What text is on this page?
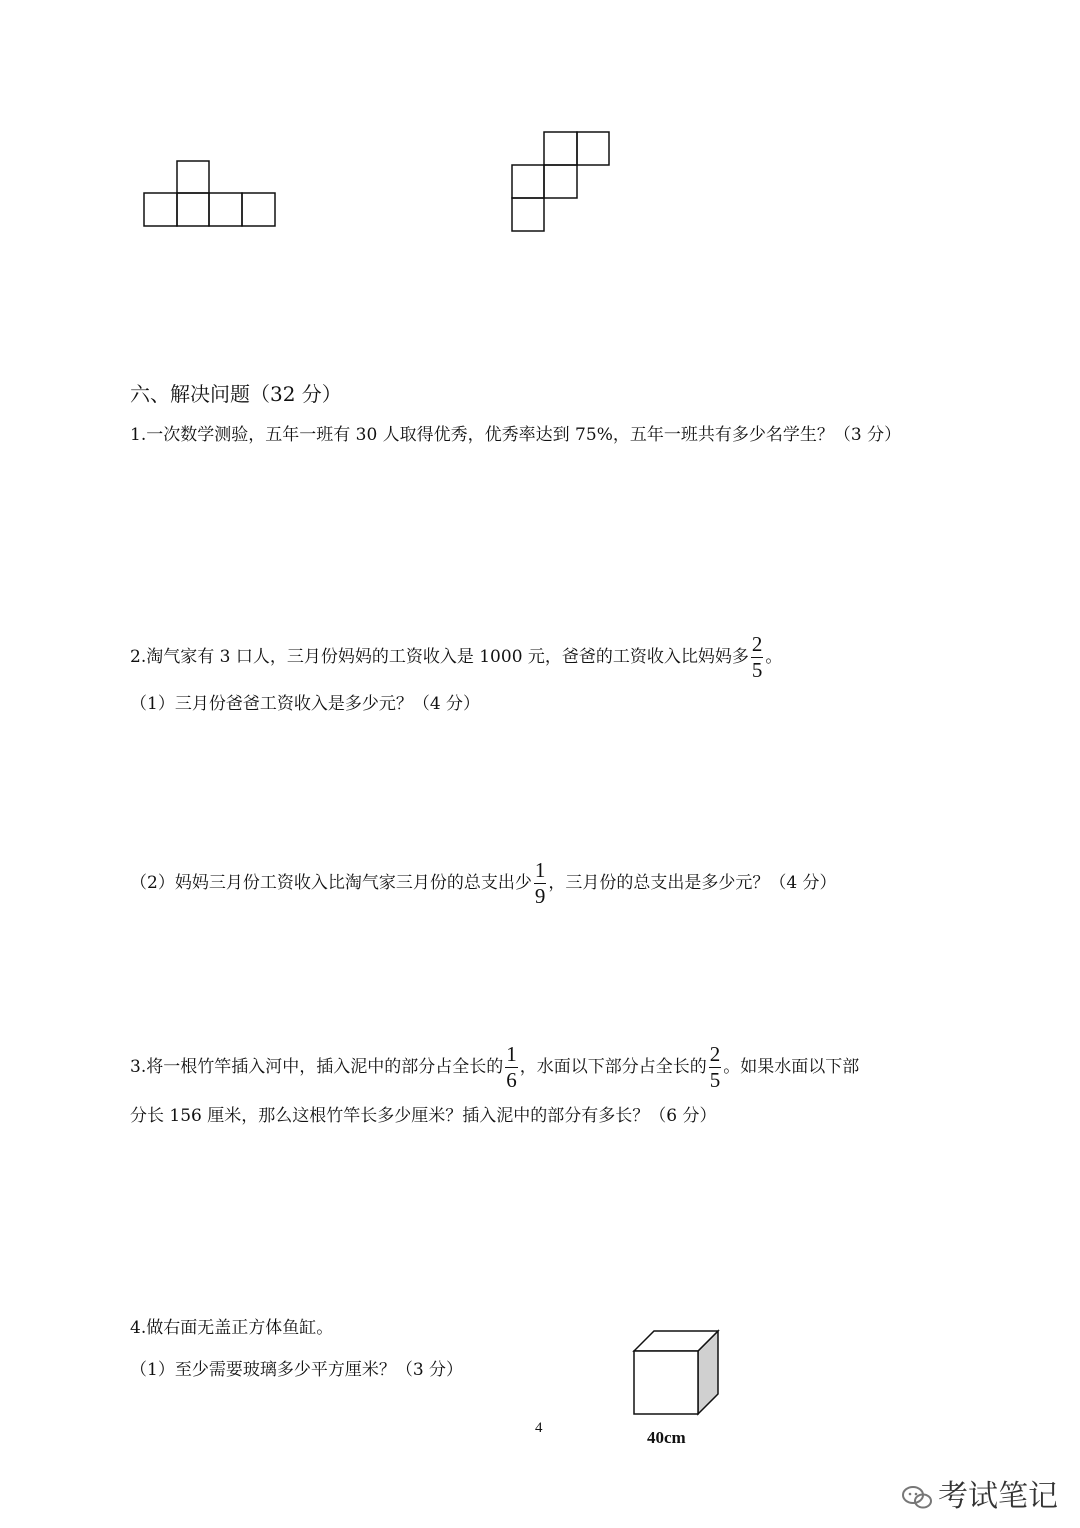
六、解决问题（32 分）
1.一次数学测验，五年一班有 30 人取得优秀，优秀率达到 75%，五年一班共有多少名学生？（3 分）
2.淘气家有 3 口人，三月份妈妈的工资收入是 1000 元，爸爸的工资收入比妈妈多 $\frac{2}{5}$ 。
（1）三月份爸爸工资收入是多少元？（4 分）
（2）妈妈三月份工资收入比淘气家三月份的总支出少 $\frac{1}{9}$ ，三月份的总支出是多少元？（4 分）
3.将一根竹竿插入河中，插入泥中的部分占全长的 $\frac{1}{6}$ ，水面以下部分占全长的 $\frac{2}{5}$ 。如果水面以下部
分长 156 厘米，那么这根竹竿长多少厘米？插入泥中的部分有多长？（6 分）
4.做右面无盖正方体鱼缸。
（1）至少需要玻璃多少平方厘米？（3 分）
40cm
4
考试笔记
